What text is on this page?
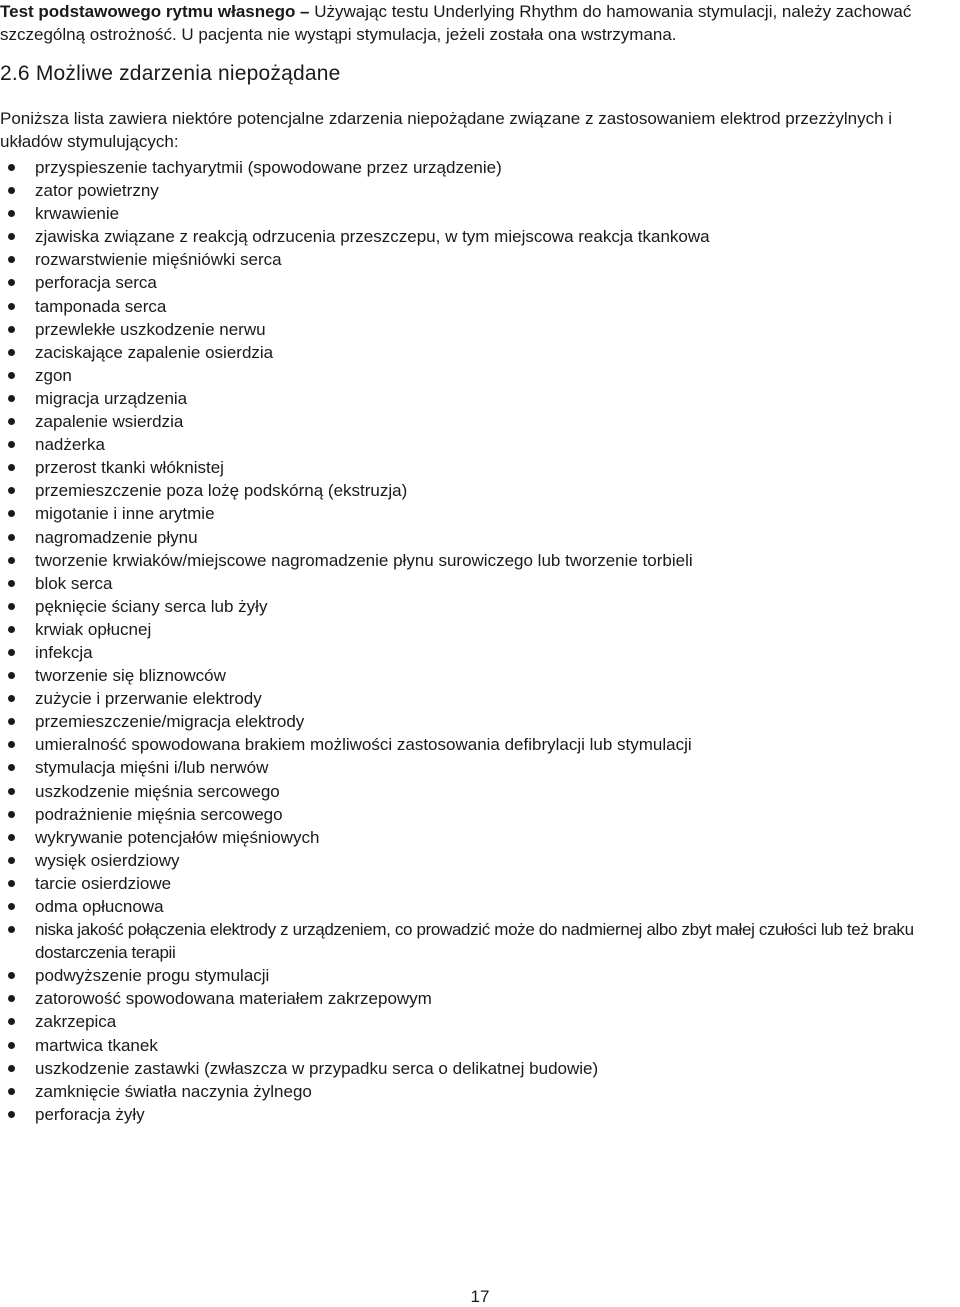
Test podstawowego rytmu własnego – Używając testu Underlying Rhythm do hamowania stymulacji, należy zachować szczególną ostrożność. U pacjenta nie wystąpi stymulacja, jeżeli została ona wstrzymana.
2.6 Możliwe zdarzenia niepożądane

Poniższa lista zawiera niektóre potencjalne zdarzenia niepożądane związane z zastosowaniem elektrod przezżylnych i układów stymulujących:

przyspieszenie tachyarytmii (spowodowane przez urządzenie)
zator powietrzny
krwawienie
zjawiska związane z reakcją odrzucenia przeszczepu, w tym miejscowa reakcja tkankowa
rozwarstwienie mięśniówki serca
perforacja serca
tamponada serca
przewlekłe uszkodzenie nerwu
zaciskające zapalenie osierdzia
zgon
migracja urządzenia
zapalenie wsierdzia
nadżerka
przerost tkanki włóknistej
przemieszczenie poza lożę podskórną (ekstruzja)
migotanie i inne arytmie
nagromadzenie płynu
tworzenie krwiaków/miejscowe nagromadzenie płynu surowiczego lub tworzenie torbieli
blok serca
pęknięcie ściany serca lub żyły
krwiak opłucnej
infekcja
tworzenie się bliznowców
zużycie i przerwanie elektrody
przemieszczenie/migracja elektrody
umieralność spowodowana brakiem możliwości zastosowania defibrylacji lub stymulacji
stymulacja mięśni i/lub nerwów
uszkodzenie mięśnia sercowego
podrażnienie mięśnia sercowego
wykrywanie potencjałów mięśniowych
wysięk osierdziowy
tarcie osierdziowe
odma opłucnowa
niska jakość połączenia elektrody z urządzeniem, co prowadzić może do nadmiernej albo zbyt małej czułości lub też braku dostarczenia terapii
podwyższenie progu stymulacji
zatorowość spowodowana materiałem zakrzepowym
zakrzepica
martwica tkanek
uszkodzenie zastawki (zwłaszcza w przypadku serca o delikatnej budowie)
zamknięcie światła naczynia żylnego
perforacja żyły
17
